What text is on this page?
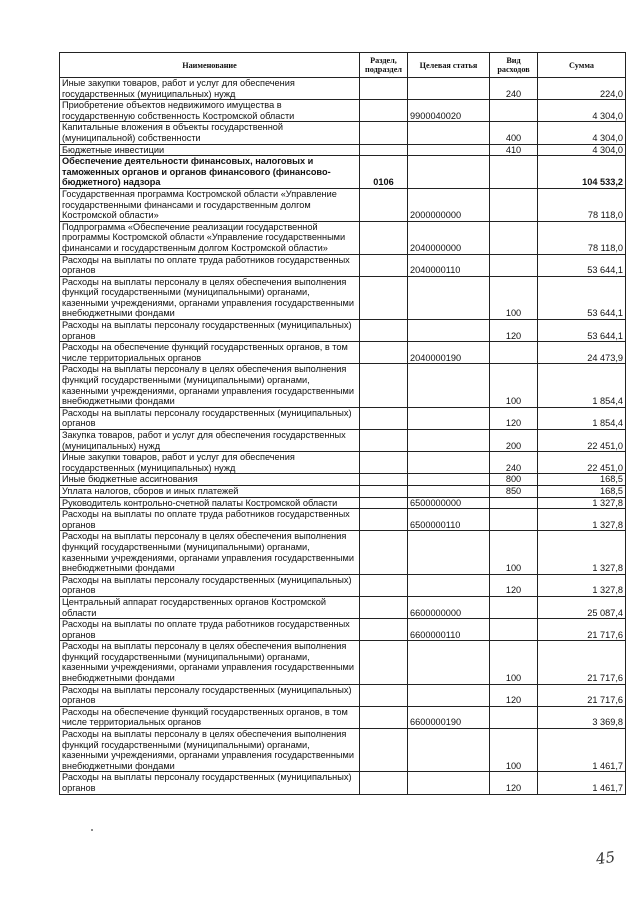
Наименование	Раздел, подраздел	Целевая статья	Вид расходов	Сумма
Иные закупки товаров, работ и услуг для обеспечения государственных (муниципальных) нужд			240	224,0
Приобретение объектов недвижимого имущества в государственную собственность Костромской области		9900040020		4 304,0
Капитальные вложения в объекты государственной (муниципальной) собственности			400	4 304,0
Бюджетные инвестиции			410	4 304,0
Обеспечение деятельности финансовых, налоговых и таможенных органов и органов финансового (финансово-бюджетного) надзора	0106			104 533,2
Государственная программа Костромской области «Управление государственными финансами и государственным долгом Костромской области»		2000000000		78 118,0
Подпрограмма «Обеспечение реализации государственной программы Костромской области «Управление государственными финансами и государственным долгом Костромской области»		2040000000		78 118,0
Расходы на выплаты по оплате труда работников государственных органов		2040000110		53 644,1
Расходы на выплаты персоналу в целях обеспечения выполнения функций государственными (муниципальными) органами, казенными учреждениями, органами управления государственными внебюджетными фондами			100	53 644,1
Расходы на выплаты персоналу государственных (муниципальных) органов			120	53 644,1
Расходы на обеспечение функций государственных органов, в том числе территориальных органов		2040000190		24 473,9
Расходы на выплаты персоналу в целях обеспечения выполнения функций государственными (муниципальными) органами, казенными учреждениями, органами управления государственными внебюджетными фондами			100	1 854,4
Расходы на выплаты персоналу государственных (муниципальных) органов			120	1 854,4
Закупка товаров, работ и услуг для обеспечения государственных (муниципальных) нужд			200	22 451,0
Иные закупки товаров, работ и услуг для обеспечения государственных (муниципальных) нужд			240	22 451,0
Иные бюджетные ассигнования			800	168,5
Уплата налогов, сборов и иных платежей			850	168,5
Руководитель контрольно-счетной палаты Костромской области		6500000000		1 327,8
Расходы на выплаты по оплате труда работников государственных органов		6500000110		1 327,8
Расходы на выплаты персоналу в целях обеспечения выполнения функций государственными (муниципальными) органами, казенными учреждениями, органами управления государственными внебюджетными фондами			100	1 327,8
Расходы на выплаты персоналу государственных (муниципальных) органов			120	1 327,8
Центральный аппарат государственных органов Костромской области		6600000000		25 087,4
Расходы на выплаты по оплате труда работников государственных органов		6600000110		21 717,6
Расходы на выплаты персоналу в целях обеспечения выполнения функций государственными (муниципальными) органами, казенными учреждениями, органами управления государственными внебюджетными фондами			100	21 717,6
Расходы на выплаты персоналу государственных (муниципальных) органов			120	21 717,6
Расходы на обеспечение функций государственных органов, в том числе территориальных органов		6600000190		3 369,8
Расходы на выплаты персоналу в целях обеспечения выполнения функций государственными (муниципальными) органами, казенными учреждениями, органами управления государственными внебюджетными фондами			100	1 461,7
Расходы на выплаты персоналу государственных (муниципальных) органов			120	1 461,7
45
